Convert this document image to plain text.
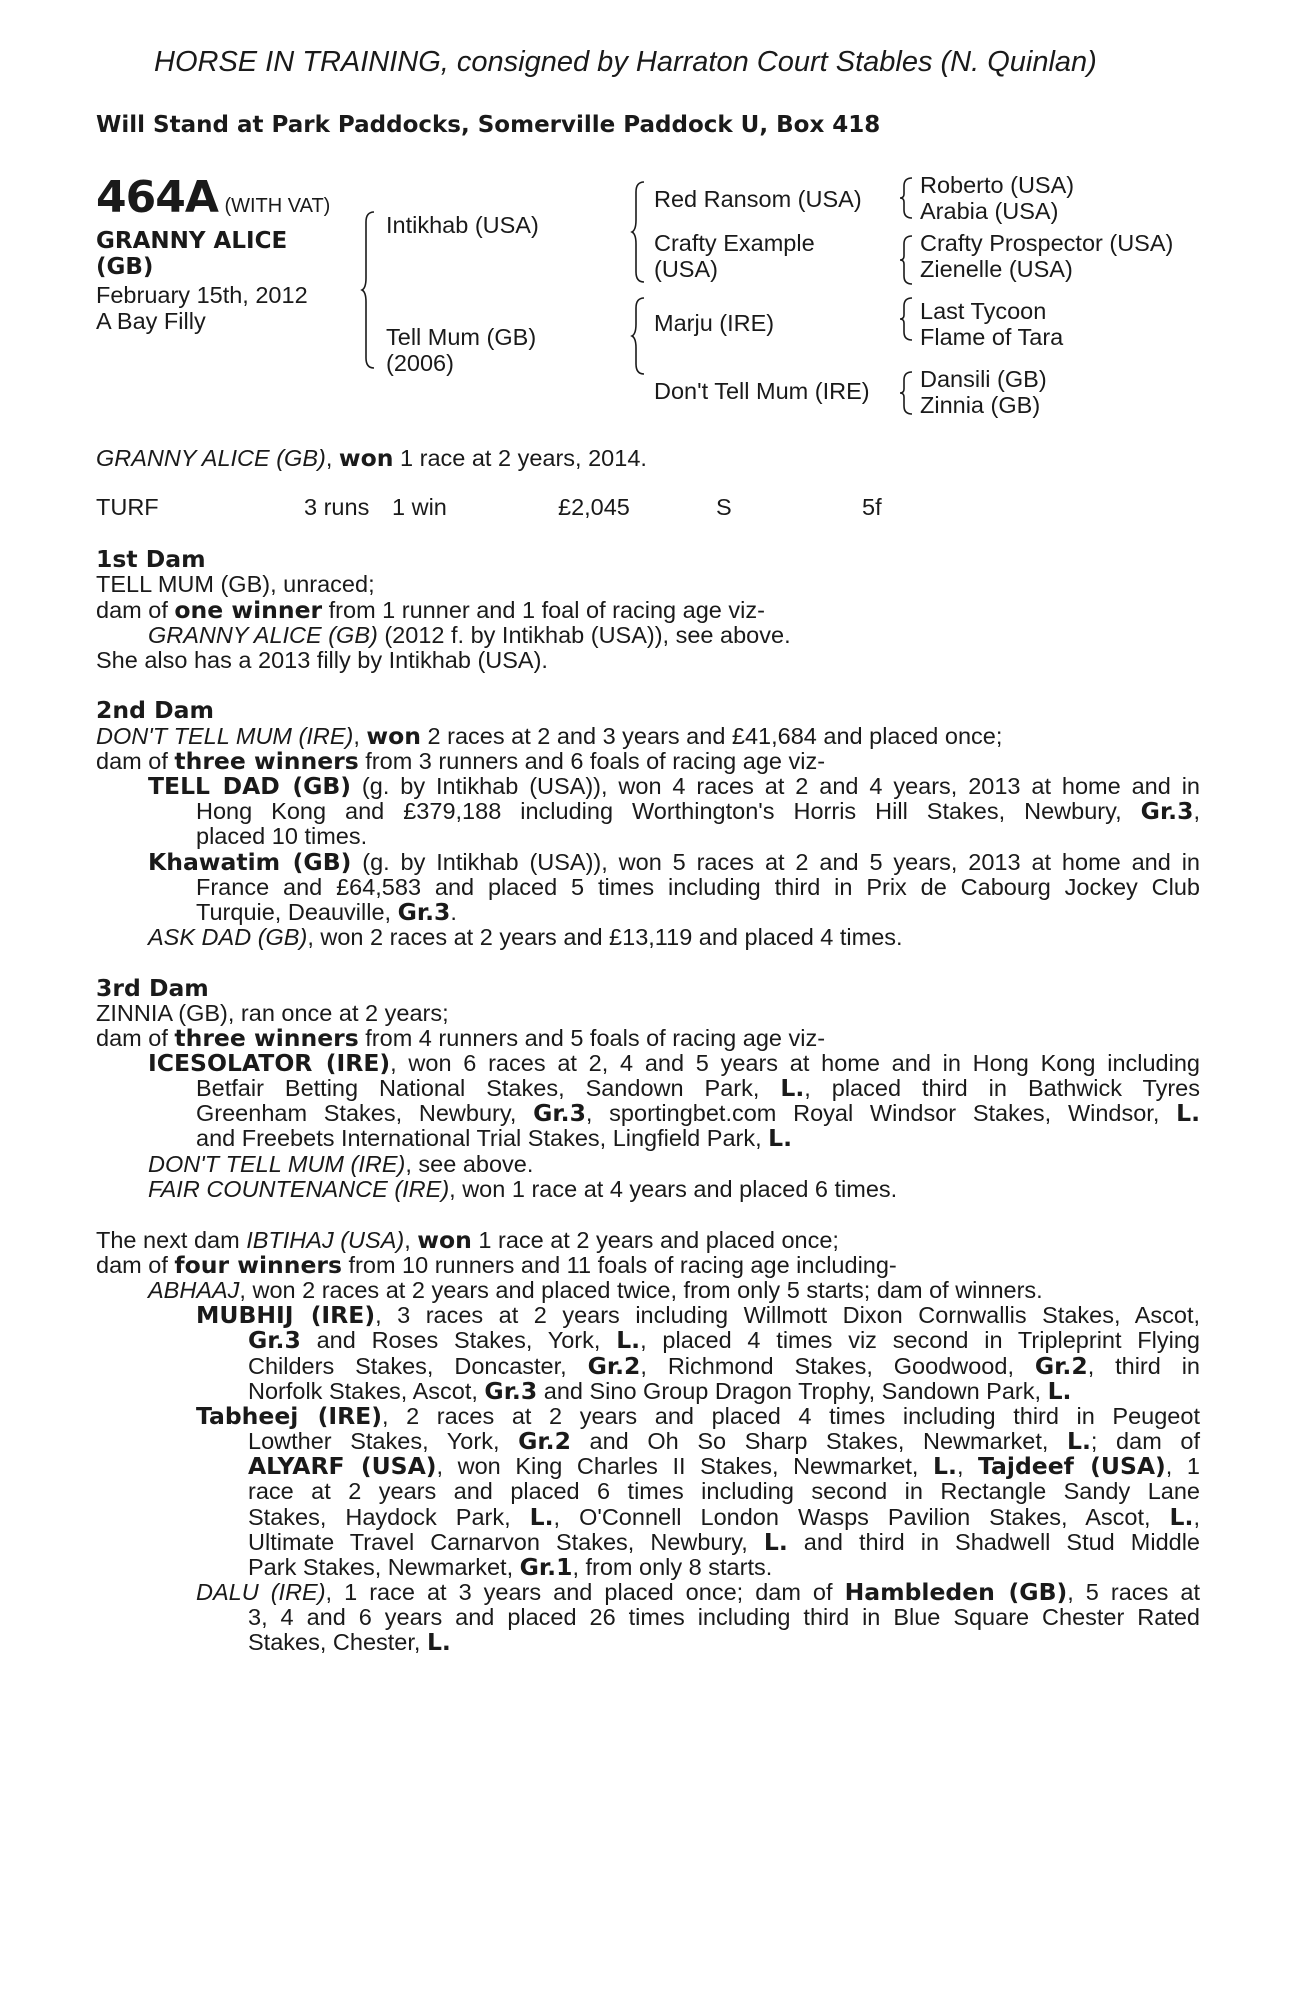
HORSE IN TRAINING, consigned by Harraton Court Stables (N. Quinlan)
Will Stand at Park Paddocks, Somerville Paddock U, Box 418
464A (WITH VAT)
GRANNY ALICE
(GB)
February 15th, 2012
A Bay Filly
Intikhab (USA)
Tell Mum (GB)
(2006)
Red Ransom (USA)
Crafty Example
(USA)
Marju (IRE)
Don't Tell Mum (IRE)
Roberto (USA)
Arabia (USA)
Crafty Prospector (USA)
Zienelle (USA)
Last Tycoon
Flame of Tara
Dansili (GB)
Zinnia (GB)
GRANNY ALICE (GB), won 1 race at 2 years, 2014.
TURF	3 runs 1 win	£2,045	S	5f
1st Dam
TELL MUM (GB), unraced;
dam of one winner from 1 runner and 1 foal of racing age viz-
GRANNY ALICE (GB) (2012 f. by Intikhab (USA)), see above.
She also has a 2013 filly by Intikhab (USA).
2nd Dam
DON'T TELL MUM (IRE), won 2 races at 2 and 3 years and £41,684 and placed once;
dam of three winners from 3 runners and 6 foals of racing age viz-
TELL DAD (GB) (g. by Intikhab (USA)), won 4 races at 2 and 4 years, 2013 at home and in
Hong Kong and £379,188 including Worthington's Horris Hill Stakes, Newbury, Gr.3,
placed 10 times.
Khawatim (GB) (g. by Intikhab (USA)), won 5 races at 2 and 5 years, 2013 at home and in
France and £64,583 and placed 5 times including third in Prix de Cabourg Jockey Club
Turquie, Deauville, Gr.3.
ASK DAD (GB), won 2 races at 2 years and £13,119 and placed 4 times.
3rd Dam
ZINNIA (GB), ran once at 2 years;
dam of three winners from 4 runners and 5 foals of racing age viz-
ICESOLATOR (IRE), won 6 races at 2, 4 and 5 years at home and in Hong Kong including
Betfair Betting National Stakes, Sandown Park, L., placed third in Bathwick Tyres
Greenham Stakes, Newbury, Gr.3, sportingbet.com Royal Windsor Stakes, Windsor, L.
and Freebets International Trial Stakes, Lingfield Park, L.
DON'T TELL MUM (IRE), see above.
FAIR COUNTENANCE (IRE), won 1 race at 4 years and placed 6 times.
The next dam IBTIHAJ (USA), won 1 race at 2 years and placed once;
dam of four winners from 10 runners and 11 foals of racing age including-
ABHAAJ, won 2 races at 2 years and placed twice, from only 5 starts; dam of winners.
MUBHIJ (IRE), 3 races at 2 years including Willmott Dixon Cornwallis Stakes, Ascot,
Gr.3 and Roses Stakes, York, L., placed 4 times viz second in Tripleprint Flying
Childers Stakes, Doncaster, Gr.2, Richmond Stakes, Goodwood, Gr.2, third in
Norfolk Stakes, Ascot, Gr.3 and Sino Group Dragon Trophy, Sandown Park, L.
Tabheej (IRE), 2 races at 2 years and placed 4 times including third in Peugeot
Lowther Stakes, York, Gr.2 and Oh So Sharp Stakes, Newmarket, L.; dam of
ALYARF (USA), won King Charles II Stakes, Newmarket, L., Tajdeef (USA), 1
race at 2 years and placed 6 times including second in Rectangle Sandy Lane
Stakes, Haydock Park, L., O'Connell London Wasps Pavilion Stakes, Ascot, L.,
Ultimate Travel Carnarvon Stakes, Newbury, L. and third in Shadwell Stud Middle
Park Stakes, Newmarket, Gr.1, from only 8 starts.
DALU (IRE), 1 race at 3 years and placed once; dam of Hambleden (GB), 5 races at
3, 4 and 6 years and placed 26 times including third in Blue Square Chester Rated
Stakes, Chester, L.
